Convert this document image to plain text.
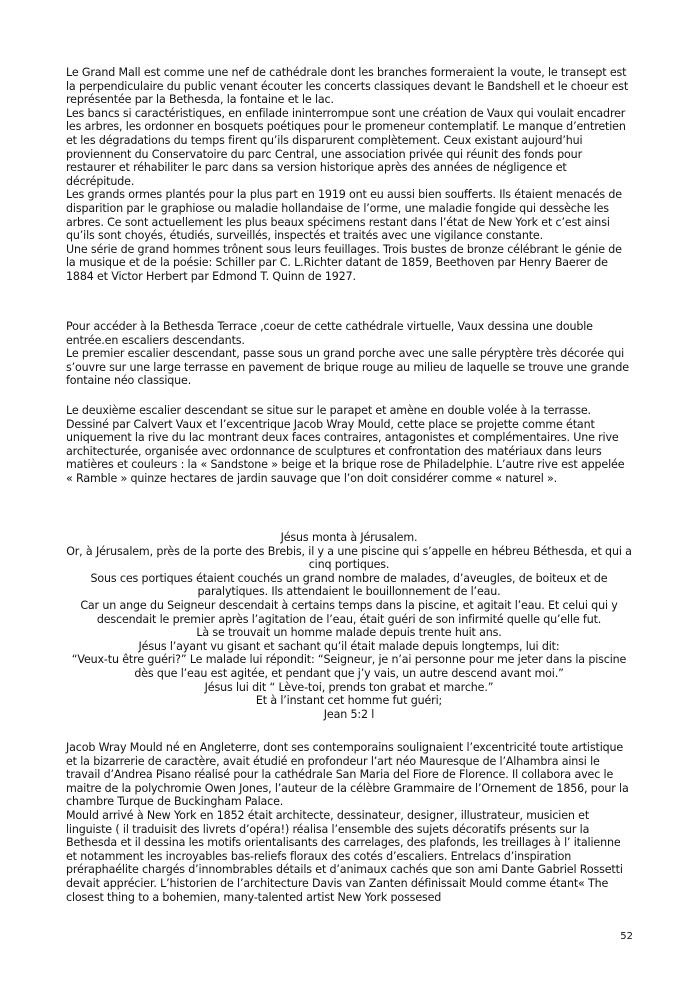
Le Grand Mall est comme une nef de cathédrale dont les branches formeraient la voute, le transept est la perpendiculaire du public venant écouter les concerts classiques devant le Bandshell et le choeur est représentée par la Bethesda, la fontaine et le lac.

Les bancs si caractéristiques, en enfilade ininterrompue sont une création de Vaux qui voulait encadrer les arbres, les ordonner en bosquets poétiques pour le promeneur contemplatif. Le manque d’entretien et les dégradations du temps firent qu’ils disparurent complètement. Ceux existant aujourd’hui proviennent du Conservatoire du parc Central, une association privée qui réunit des fonds pour restaurer et réhabiliter le parc dans sa version historique après des années de négligence et décrépitude.

Les grands ormes plantés pour la plus part en 1919 ont eu aussi bien soufferts. Ils étaient menacés de disparition par le graphiose ou maladie hollandaise de l’orme, une maladie fongide qui dessèche les arbres. Ce sont actuellement les plus beaux spécimens restant dans l’état de New York et c’est ainsi qu’ils sont choyés, étudiés, surveillés, inspectés et traités avec une vigilance constante.

Une série de grand hommes trônent sous leurs feuillages. Trois bustes de bronze célébrant le génie de la musique et de la poésie: Schiller par C. L.Richter datant de 1859, Beethoven par Henry Baerer de 1884 et Victor Herbert par Edmond T. Quinn de 1927.

Pour accéder à la Bethesda Terrace ,coeur de cette cathédrale virtuelle, Vaux dessina une double entrée.en escaliers descendants.

Le premier escalier descendant, passe sous un grand porche avec une salle péryptère très décorée qui s’ouvre sur une large terrasse en pavement de brique rouge au milieu de laquelle se trouve une grande fontaine néo classique.

Le deuxième escalier descendant se situe sur le parapet et amène en double volée à la terrasse. Dessiné par Calvert Vaux et l’excentrique Jacob Wray Mould, cette place se projette comme étant uniquement la rive du lac montrant deux faces contraires, antagonistes et complémentaires. Une rive architecturée, organisée avec ordonnance de sculptures et confrontation des matériaux dans leurs matières et couleurs : la « Sandstone » beige et la brique rose de Philadelphie. L’autre rive est appelée « Ramble » quinze hectares de jardin sauvage que l’on doit considérer comme « naturel ».

Jésus monta à Jérusalem.

Or, à Jérusalem, près de la porte des Brebis, il y a une piscine qui s’appelle en hébreu Béthesda, et qui a cinq portiques.

Sous ces portiques étaient couchés un grand nombre de malades, d’aveugles, de boiteux et de paralytiques. Ils attendaient le bouillonnement de l’eau.

Car un ange du Seigneur descendait à certains temps dans la piscine, et agitait l’eau. Et celui qui y descendait le premier après l’agitation de l’eau, était guéri de son infirmité quelle qu’elle fut.

Là se trouvait un homme malade depuis trente huit ans.

Jésus l’ayant vu gisant et sachant qu’il était malade depuis longtemps, lui dit:

“Veux-tu être guéri?” Le malade lui répondit: “Seigneur, je n’ai personne pour me jeter dans la piscine dès que l’eau est agitée, et pendant que j’y vais, un autre descend avant moi.”

Jésus lui dit “ Lève-toi, prends ton grabat et marche.”

Et à l’instant cet homme fut guéri;

Jean 5:2 l

Jacob Wray Mould né en Angleterre, dont ses contemporains soulignaient l’excentricité toute artistique et la bizarrerie de caractère, avait étudié en profondeur l’art néo Mauresque de l’Alhambra ainsi le travail d’Andrea Pisano réalisé pour la cathédrale San Maria del Fiore de Florence. Il collabora avec le maitre de la polychromie Owen Jones, l’auteur de la célèbre Grammaire de l’Ornement de 1856, pour la chambre Turque de Buckingham Palace.

Mould arrivé à New York en 1852 était architecte, dessinateur, designer, illustrateur, musicien et linguiste ( il traduisit des livrets d’opéra!) réalisa l’ensemble des sujets décoratifs présents sur la Bethesda et il dessina les motifs orientalisants des carrelages, des plafonds, les treillages à l’ italienne et notamment les incroyables bas-reliefs floraux des cotés d’escaliers. Entrelacs d’inspiration préraphaélite chargés d’innombrables détails et d’animaux cachés que son ami Dante Gabriel Rossetti devait apprécier. L’historien de l’architecture Davis van Zanten définissait Mould comme étant« The closest thing to a bohemien, many-talented artist New York possesed

52
